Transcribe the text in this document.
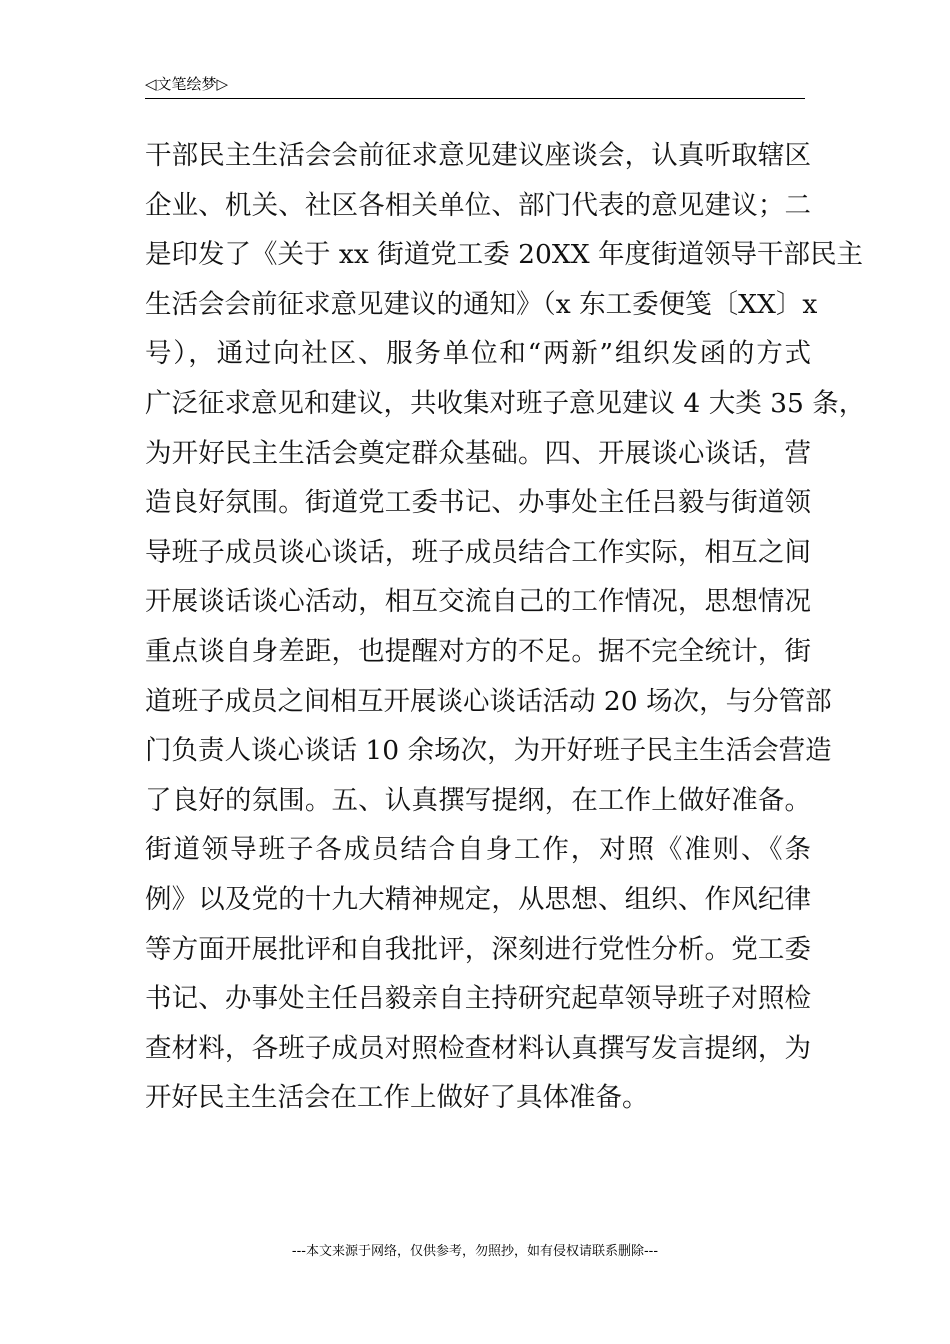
◁文笔绘梦▷
干部民主生活会会前征求意见建议座谈会，认真听取辖区
企业、机关、社区各相关单位、部门代表的意见建议；二
是印发了《关于 xx 街道党工委 20XX 年度街道领导干部民主
生活会会前征求意见建议的通知》（x 东工委便笺〔XX〕x
号），通过向社区、服务单位和“两新”组织发函的方式
广泛征求意见和建议，共收集对班子意见建议 4 大类 35 条，
为开好民主生活会奠定群众基础。四、开展谈心谈话，营
造良好氛围。街道党工委书记、办事处主任吕毅与街道领
导班子成员谈心谈话，班子成员结合工作实际，相互之间
开展谈话谈心活动，相互交流自己的工作情况，思想情况
重点谈自身差距，也提醒对方的不足。据不完全统计，街
道班子成员之间相互开展谈心谈话活动 20 场次，与分管部
门负责人谈心谈话 10 余场次，为开好班子民主生活会营造
了良好的氛围。五、认真撰写提纲，在工作上做好准备。
街道领导班子各成员结合自身工作，对照《准则、《条
例》以及党的十九大精神规定，从思想、组织、作风纪律
等方面开展批评和自我批评，深刻进行党性分析。党工委
书记、办事处主任吕毅亲自主持研究起草领导班子对照检
查材料，各班子成员对照检查材料认真撰写发言提纲，为
开好民主生活会在工作上做好了具体准备。
---本文来源于网络，仅供参考，勿照抄，如有侵权请联系删除---
